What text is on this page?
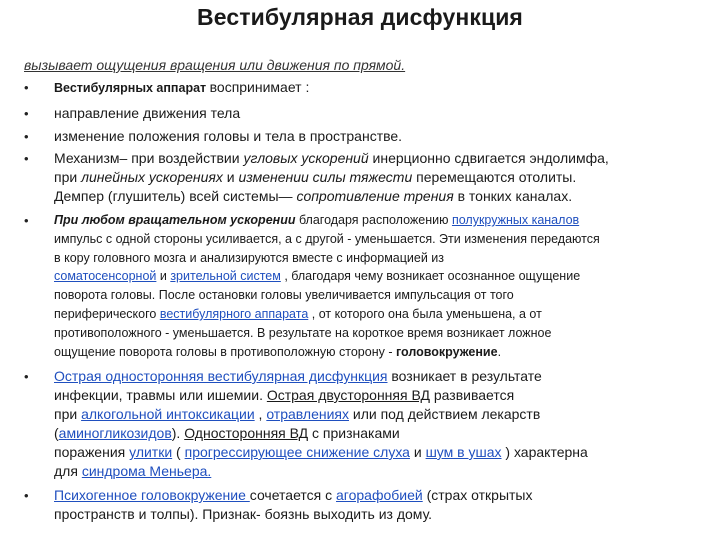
Вестибулярная дисфункция
вызывает ощущения вращения или движения по прямой.
• Вестибулярных аппарат воспринимает :
• направление движения тела
• изменение положения головы и тела в пространстве.
• Механизм– при воздействии угловых ускорений инерционно сдвигается эндолимфа,
при линейных ускорениях и изменении силы тяжести перемещаются отолиты.
Демпер (глушитель) всей системы— сопротивление трения в тонких каналах.
• При любом вращательном ускорении благодаря расположению полукружных каналов
импульс с одной стороны усиливается, а с другой - уменьшается. Эти изменения передаются
в кору головного мозга и анализируются вместе с информацией из
соматосенсорной и зрительной систем , благодаря чему возникает осознанное ощущение
поворота головы. После остановки головы увеличивается импульсация от того
периферического вестибулярного аппарата , от которого она была уменьшена, а от
противоположного - уменьшается. В результате на короткое время возникает ложное
ощущение поворота головы в противоположную сторону - головокружение.
• Острая односторонняя вестибулярная дисфункция возникает в результате
инфекции, травмы или ишемии. Острая двусторонняя ВД развивается
при алкогольной интоксикации , отравлениях или под действием лекарств
(аминогликозидов). Односторонняя ВД с признаками
поражения улитки ( прогрессирующее снижение слуха и шум в ушах ) характерна
для синдрома Меньера.
• Психогенное головокружение сочетается с агорафобией (страх открытых
пространств и толпы). Признак- боязнь выходить из дому.
